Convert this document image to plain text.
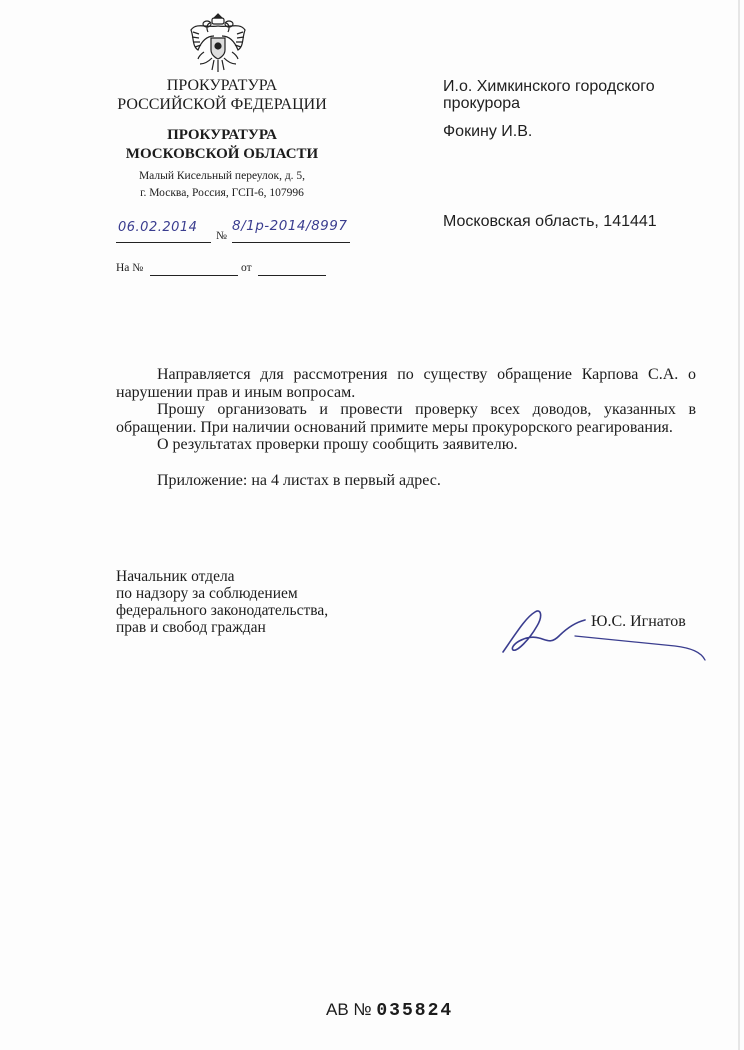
ПРОКУРАТУРА
РОССИЙСКОЙ ФЕДЕРАЦИИ
ПРОКУРАТУРА
МОСКОВСКОЙ ОБЛАСТИ
Малый Кисельный переулок, д. 5,
г. Москва, Россия, ГСП-6, 107996
06.02.2014
№
8/1р-2014/8997
На №	от
И.о. Химкинского городского
прокурора
Фокину И.В.
Московская область, 141441

Направляется для рассмотрения по существу обращение Карпова С.А. о нарушении прав и иным вопросам.

Прошу организовать и провести проверку всех доводов, указанных в обращении. При наличии оснований примите меры прокурорского реагирования.

О результатах проверки прошу сообщить заявителю.

Приложение: на 4 листах в первый адрес.

Начальник отдела
по надзору за соблюдением
федерального законодательства,
прав и свобод граждан	Ю.С. Игнатов
АВ № 035824
